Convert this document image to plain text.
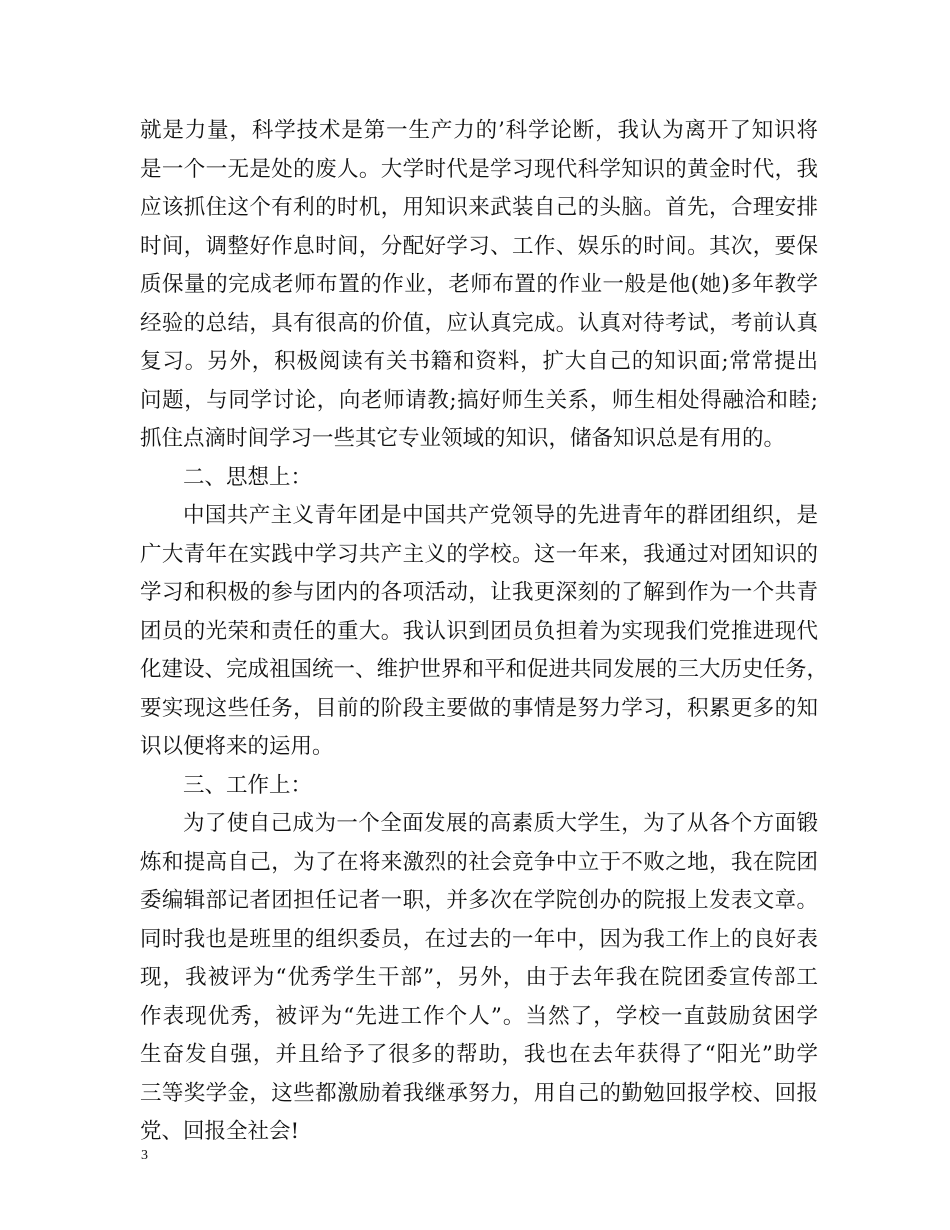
就是力量，科学技术是第一生产力的’科学论断，我认为离开了知识将
是一个一无是处的废人。大学时代是学习现代科学知识的黄金时代，我
应该抓住这个有利的时机，用知识来武装自己的头脑。首先，合理安排
时间，调整好作息时间，分配好学习、工作、娱乐的时间。其次，要保
质保量的完成老师布置的作业，老师布置的作业一般是他(她)多年教学
经验的总结，具有很高的价值，应认真完成。认真对待考试，考前认真
复习。另外，积极阅读有关书籍和资料，扩大自己的知识面;常常提出
问题，与同学讨论，向老师请教;搞好师生关系，师生相处得融洽和睦;
抓住点滴时间学习一些其它专业领域的知识，储备知识总是有用的。
二、思想上：
中国共产主义青年团是中国共产党领导的先进青年的群团组织，是
广大青年在实践中学习共产主义的学校。这一年来，我通过对团知识的
学习和积极的参与团内的各项活动，让我更深刻的了解到作为一个共青
团员的光荣和责任的重大。我认识到团员负担着为实现我们党推进现代
化建设、完成祖国统一、维护世界和平和促进共同发展的三大历史任务，
要实现这些任务，目前的阶段主要做的事情是努力学习，积累更多的知
识以便将来的运用。
三、工作上：
为了使自己成为一个全面发展的高素质大学生，为了从各个方面锻
炼和提高自己，为了在将来激烈的社会竞争中立于不败之地，我在院团
委编辑部记者团担任记者一职，并多次在学院创办的院报上发表文章。
同时我也是班里的组织委员，在过去的一年中，因为我工作上的良好表
现，我被评为“优秀学生干部”，另外，由于去年我在院团委宣传部工
作表现优秀，被评为“先进工作个人”。当然了，学校一直鼓励贫困学
生奋发自强，并且给予了很多的帮助，我也在去年获得了“阳光”助学
三等奖学金，这些都激励着我继承努力，用自己的勤勉回报学校、回报
党、回报全社会!
3
